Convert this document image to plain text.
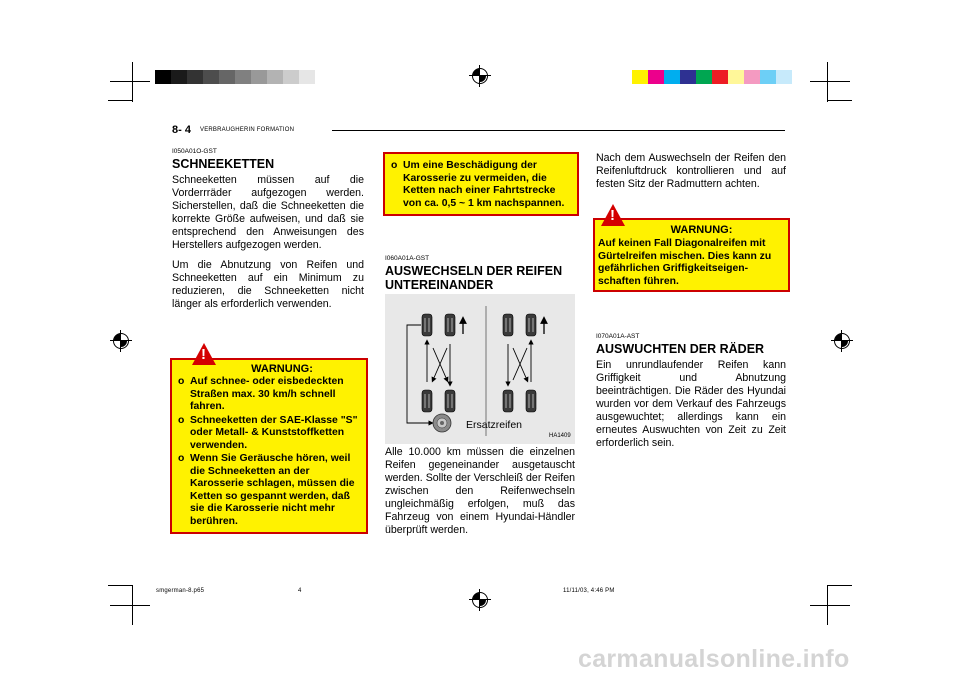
8- 4 VERBRAUGHERIN FORMATION
I050A01O-GST
SCHNEEKETTEN

Schneeketten müssen auf die Vorderrräder aufgezogen werden. Sicherstellen, daß die Schneeketten die korrekte Größe aufweisen, und daß sie entsprechend den Anweisungen des Herstellers aufgezogen werden.

Um die Abnutzung von Reifen und Schneeketten auf ein Minimum zu reduzieren, die Schneeketten nicht länger als erforderlich verwenden.

!
WARNUNG:
o Auf schnee- oder eisbedeckten Straßen max. 30 km/h schnell fahren.
o Schneeketten der SAE-Klasse "S" oder Metall- & Kunststoffketten verwenden.
o Wenn Sie Geräusche hören, weil die Schneeketten an der Karosserie schlagen, müssen die Ketten so gespannt werden, daß sie die Karosserie nicht mehr berühren.
o Um eine Beschädigung der Karosserie zu vermeiden, die Ketten nach einer Fahrtstrecke von ca. 0,5 ~ 1 km nachspannen.
I060A01A-GST
AUSWECHSELN DER REIFEN UNTEREINANDER
Ersatzreifen
HA1409
Alle 10.000 km müssen die einzelnen Reifen gegeneinander ausgetauscht werden. Sollte der Verschleiß der Reifen zwischen den Reifenwechseln ungleichmäßig erfolgen, muß das Fahrzeug von einem Hyundai-Händler überprüft werden.
Nach dem Auswechseln der Reifen den Reifenluftdruck kontrollieren und auf festen Sitz der Radmuttern achten.
!
WARNUNG:
Auf keinen Fall Diagonalreifen mit Gürtelreifen mischen. Dies kann zu gefährlichen Griffigkeitseigen-schaften führen.
I070A01A-AST
AUSWUCHTEN DER RÄDER
Ein unrundlaufender Reifen kann Griffigkeit und Abnutzung beeinträchtigen. Die Räder des Hyundai wurden vor dem Verkauf des Fahrzeugs ausgewuchtet; allerdings kann ein erneutes Auswuchten von Zeit zu Zeit erforderlich sein.
smgerman-8.p65	4	11/11/03, 4:46 PM
carmanualsonline.info
